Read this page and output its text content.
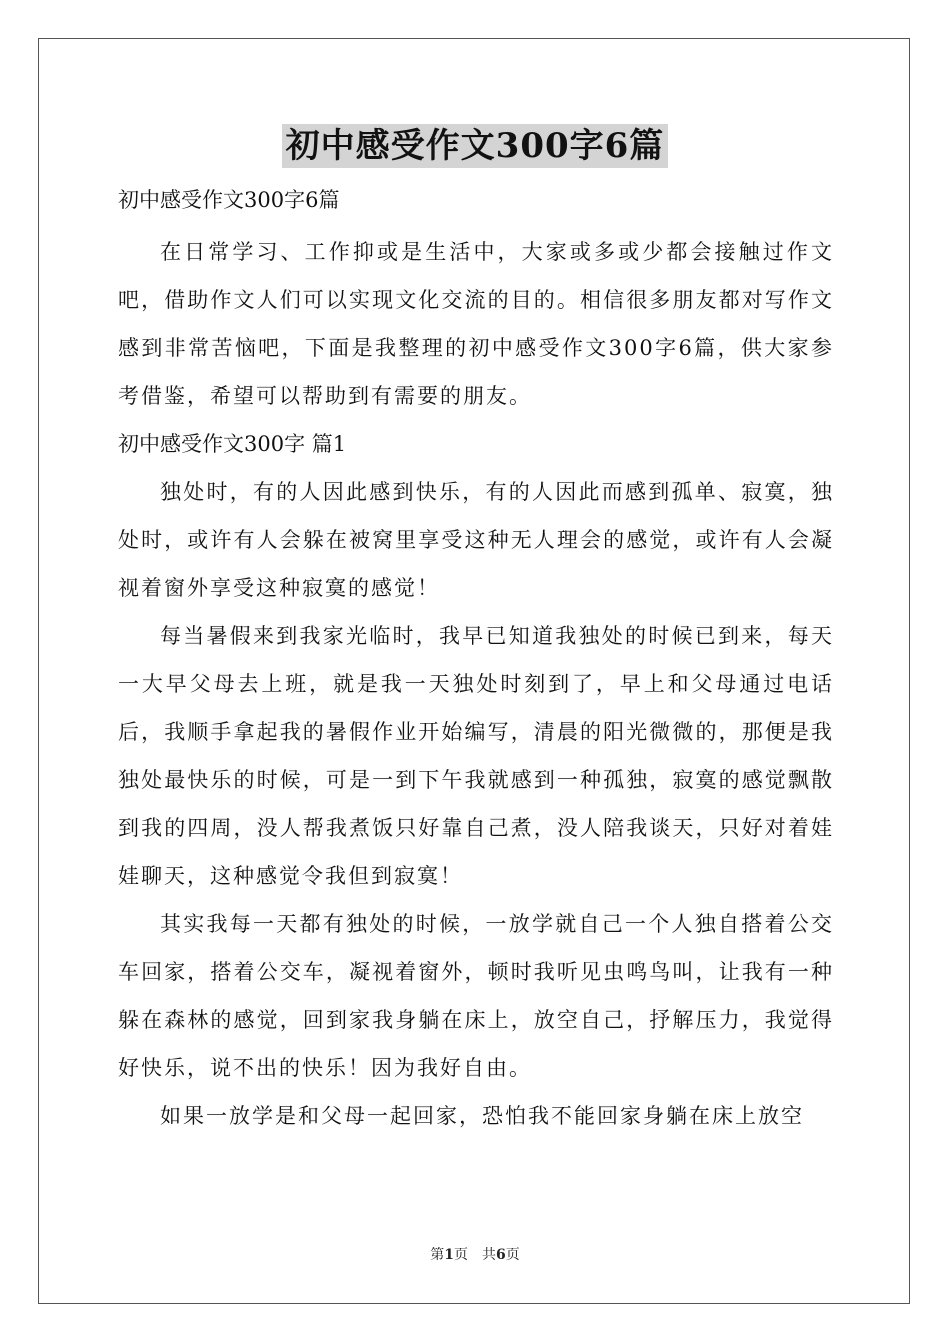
初中感受作文300字6篇

初中感受作文300字6篇

在日常学习、工作抑或是生活中，大家或多或少都会接触过作文吧，借助作文人们可以实现文化交流的目的。相信很多朋友都对写作文感到非常苦恼吧，下面是我整理的初中感受作文300字6篇，供大家参考借鉴，希望可以帮助到有需要的朋友。

初中感受作文300字 篇1

独处时，有的人因此感到快乐，有的人因此而感到孤单、寂寞，独处时，或许有人会躲在被窝里享受这种无人理会的感觉，或许有人会凝视着窗外享受这种寂寞的感觉！

每当暑假来到我家光临时，我早已知道我独处的时候已到来，每天一大早父母去上班，就是我一天独处时刻到了，早上和父母通过电话后，我顺手拿起我的暑假作业开始编写，清晨的阳光微微的，那便是我独处最快乐的时候，可是一到下午我就感到一种孤独，寂寞的感觉飘散到我的四周，没人帮我煮饭只好靠自己煮，没人陪我谈天，只好对着娃娃聊天，这种感觉令我但到寂寞！

其实我每一天都有独处的时候，一放学就自己一个人独自搭着公交车回家，搭着公交车，凝视着窗外，顿时我听见虫鸣鸟叫，让我有一种躲在森林的感觉，回到家我身躺在床上，放空自己，抒解压力，我觉得好快乐，说不出的快乐！因为我好自由。

如果一放学是和父母一起回家，恐怕我不能回家身躺在床上放空

第1页　共6页
